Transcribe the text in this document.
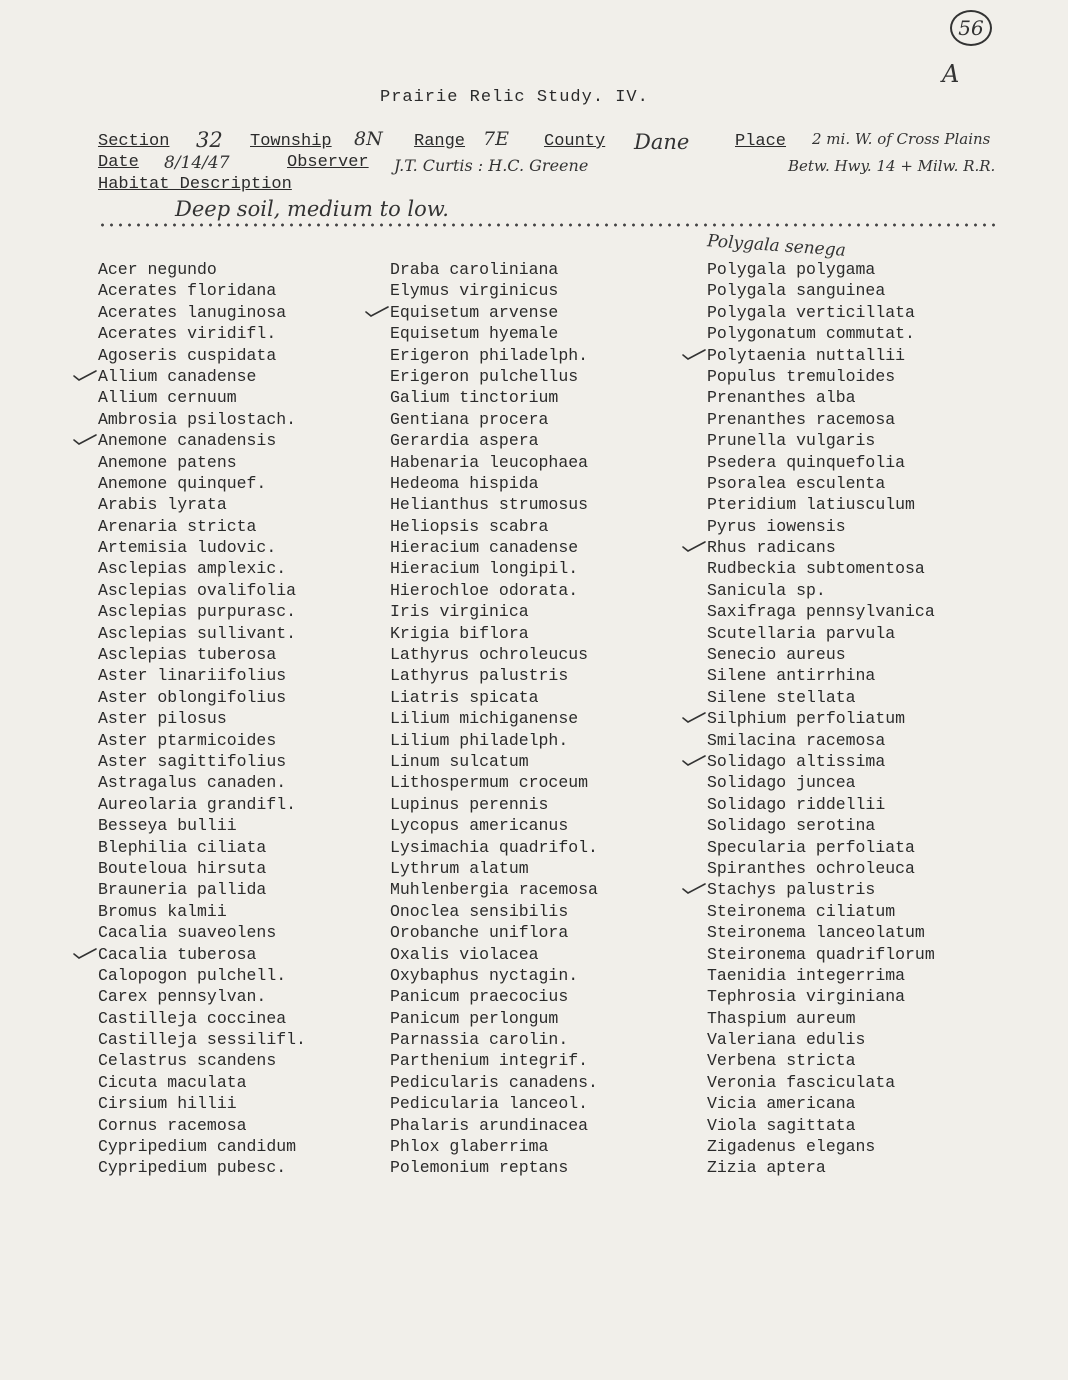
56
A
Prairie Relic Study. IV.
Section 32 Township 8N Range 7E County Dane	Place 2 mi. W. of Cross Plains
Betw. Hwy. 14 + Milw. R.R.
Date 8/14/47	Observer J.T. Curtis : H.C. Greene
Habitat Description
Deep soil, medium to low.
Polygala senega
Acer negundo
Acerates floridana
Acerates lanuginosa
Acerates viridifl.
Agoseris cuspidata
Allium canadense
Allium cernuum
Ambrosia psilostach.
Anemone canadensis
Anemone patens
Anemone quinquef.
Arabis lyrata
Arenaria stricta
Artemisia ludovic.
Asclepias amplexic.
Asclepias ovalifolia
Asclepias purpurasc.
Asclepias sullivant.
Asclepias tuberosa
Aster linariifolius
Aster oblongifolius
Aster pilosus
Aster ptarmicoides
Aster sagittifolius
Astragalus canaden.
Aureolaria grandifl.
Besseya bullii
Blephilia ciliata
Bouteloua hirsuta
Brauneria pallida
Bromus kalmii
Cacalia suaveolens
Cacalia tuberosa
Calopogon pulchell.
Carex pennsylvan.
Castilleja coccinea
Castilleja sessilifl.
Celastrus scandens
Cicuta maculata
Cirsium hillii
Cornus racemosa
Cypripedium candidum
Cypripedium pubesc.
Draba caroliniana
Elymus virginicus
Equisetum arvense
Equisetum hyemale
Erigeron philadelph.
Erigeron pulchellus
Galium tinctorium
Gentiana procera
Gerardia aspera
Habenaria leucophaea
Hedeoma hispida
Helianthus strumosus
Heliopsis scabra
Hieracium canadense
Hieracium longipil.
Hierochloe odorata.
Iris virginica
Krigia biflora
Lathyrus ochroleucus
Lathyrus palustris
Liatris spicata
Lilium michiganense
Lilium philadelph.
Linum sulcatum
Lithospermum croceum
Lupinus perennis
Lycopus americanus
Lysimachia quadrifol.
Lythrum alatum
Muhlenbergia racemosa
Onoclea sensibilis
Orobanche uniflora
Oxalis violacea
Oxybaphus nyctagin.
Panicum praecocius
Panicum perlongum
Parnassia carolin.
Parthenium integrif.
Pedicularis canadens.
Pedicularia lanceol.
Phalaris arundinacea
Phlox glaberrima
Polemonium reptans
Polygala polygama
Polygala sanguinea
Polygala verticillata
Polygonatum commutat.
Polytaenia nuttallii
Populus tremuloides
Prenanthes alba
Prenanthes racemosa
Prunella vulgaris
Psedera quinquefolia
Psoralea esculenta
Pteridium latiusculum
Pyrus iowensis
Rhus radicans
Rudbeckia subtomentosa
Sanicula sp.
Saxifraga pennsylvanica
Scutellaria parvula
Senecio aureus
Silene antirrhina
Silene stellata
Silphium perfoliatum
Smilacina racemosa
Solidago altissima
Solidago juncea
Solidago riddellii
Solidago serotina
Specularia perfoliata
Spiranthes ochroleuca
Stachys palustris
Steironema ciliatum
Steironema lanceolatum
Steironema quadriflorum
Taenidia integerrima
Tephrosia virginiana
Thaspium aureum
Valeriana edulis
Verbena stricta
Veronia fasciculata
Vicia americana
Viola sagittata
Zigadenus elegans
Zizia aptera
